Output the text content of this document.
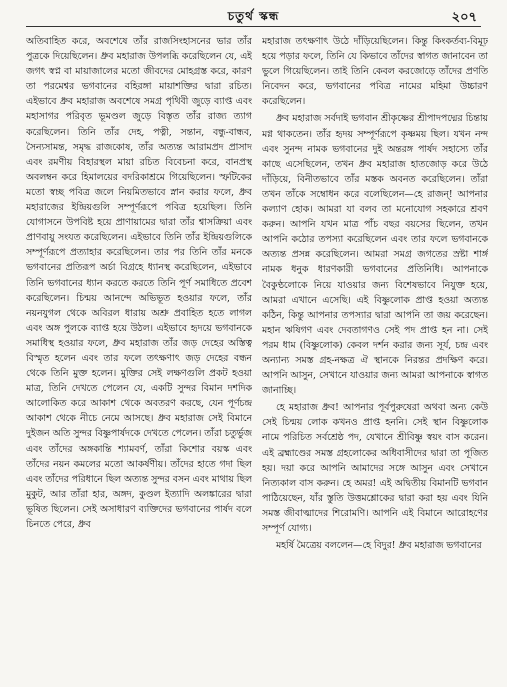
চতুর্থ স্কন্ধ	২০৭

অতিবাহিত করে, অবশেষে তাঁর রাজসিংহাসনের ভার তাঁর পুত্রকে দিয়েছিলেন। ধ্রুব মহারাজ উপলব্ধি করেছিলেন যে, এই জগৎ স্বপ্ন বা মায়াজালের মতো জীবদের মোহগ্রস্ত করে, কারণ তা পরমেশ্বর ভগবানের বহিরঙ্গা মায়াশক্তির দ্বারা রচিত। এইভাবে ধ্রুব মহারাজ অবশেষে সমগ্র পৃথিবী জুড়ে ব্যাপ্ত এবং মহাসাগর পরিবৃত ভূমণ্ডল জুড়ে বিস্তৃত তাঁর রাজ্য ত্যাগ করেছিলেন। তিনি তাঁর দেহ, পত্নী, সন্তান, বন্ধু-বান্ধব, সৈন্যসামন্ত, সমৃদ্ধ রাজকোষ, তাঁর অত্যন্ত আরামপ্রদ প্রাসাদ এবং রমণীয় বিহারস্থল মায়া রচিত বিবেচনা করে, বানপ্রস্থ অবলম্বন করে হিমালয়ের বদরিকাশ্রমে গিয়েছিলেন। স্ফটিকের মতো স্বচ্ছ পবিত্র জলে নিয়মিতভাবে স্নান করার ফলে, ধ্রুব মহারাজের ইন্দ্রিয়গুলি সম্পূর্ণরূপে পবিত্র হয়েছিল। তিনি যোগাসনে উপবিষ্ট হয়ে প্রাণায়ামের দ্বারা তাঁর শ্বাসক্রিয়া এবং প্রাণবায়ু সংযত করেছিলেন। এইভাবে তিনি তাঁর ইন্দ্রিয়গুলিকে সম্পূর্ণরূপে প্রত্যাহার করেছিলেন। তার পর তিনি তাঁর মনকে ভগবানের প্রতিরূপ অর্চা বিগ্রহে ধ্যানস্থ করেছিলেন, এইভাবে তিনি ভগবানের ধ্যান করতে করতে তিনি পূর্ণ সমাধিতে প্রবেশ করেছিলেন। চিন্ময় আনন্দে অভিভূত হওয়ার ফলে, তাঁর নয়নযুগল থেকে অবিরল ধারায় অশ্রু প্রবাহিত হতে লাগল এবং অঙ্গ পুলকে ব্যাপ্ত হয়ে উঠল। এইভাবে হৃদয়ে ভগবানকে সমাধিস্থ হওয়ার ফলে, ধ্রুব মহারাজ তাঁর জড় দেহের অস্তিত্ব বিস্মৃত হলেন এবং তার ফলে তৎক্ষণাৎ জড় দেহের বন্ধন থেকে তিনি মুক্ত হলেন। মুক্তির সেই লক্ষণগুলি প্রকট হওয়া মাত্র, তিনি দেখতে পেলেন যে, একটি সুন্দর বিমান দশদিক আলোকিত করে আকাশ থেকে অবতরণ করছে, যেন পূর্ণচন্দ্র আকাশ থেকে নীচে নেমে আসছে। ধ্রুব মহারাজ সেই বিমানে দুইজন অতি সুন্দর বিষ্ণুপার্ষদকে দেখতে পেলেন। তাঁরা চতুর্ভুজ এবং তাঁদের অঙ্গকান্তি শ্যামবর্ণ, তাঁরা কিশোর বয়স্ক এবং তাঁদের নয়ন কমলের মতো আকর্ষণীয়। তাঁদের হাতে গদা ছিল এবং তাঁদের পরিধানে ছিল অত্যন্ত সুন্দর বসন এবং মাথায় ছিল মুকুট, আর তাঁরা হার, অঙ্গদ, কুণ্ডল ইত্যাদি অলঙ্কারের দ্বারা ভূষিত ছিলেন। সেই অসাধারণ ব্যক্তিদের ভগবানের পার্ষদ বলে চিনতে পেরে, ধ্রুব

মহারাজ তৎক্ষণাৎ উঠে দাঁড়িয়েছিলেন। কিন্তু কিংকর্তব্য-বিমূঢ় হয়ে পড়ার ফলে, তিনি যে কিভাবে তাঁদের স্বাগত জানাবেন তা ভুলে গিয়েছিলেন। তাই তিনি কেবল করজোড়ে তাঁদের প্রণতি নিবেদন করে, ভগবানের পবিত্র নামের মহিমা উচ্চারণ করেছিলেন।

ধ্রুব মহারাজ সর্বদাই ভগবান শ্রীকৃষ্ণের শ্রীপাদপদ্মের চিন্তায় মগ্ন থাকতেন। তাঁর হৃদয় সম্পূর্ণরূপে কৃষ্ণময় ছিল। যখন নন্দ এবং সুনন্দ নামক ভগবানের দুই অন্তরঙ্গ পার্ষদ সহাস্যে তাঁর কাছে এসেছিলেন, তখন ধ্রুব মহারাজ হাতজোড় করে উঠে দাঁড়িয়ে, বিনীতভাবে তাঁর মস্তক অবনত করেছিলেন। তাঁরা তখন তাঁকে সম্বোধন করে বলেছিলেন—হে রাজন্‌! আপনার কল্যাণ হোক। আমরা যা বলব তা মনোযোগ সহকারে শ্রবণ করুন। আপনি যখন মাত্র পাঁচ বছর বয়সের ছিলেন, তখন আপনি কঠোর তপস্যা করেছিলেন এবং তার ফলে ভগবানকে অত্যন্ত প্রসন্ন করেছিলেন। আমরা সমগ্র জগতের স্রষ্টা শার্ঙ্গ নামক ধনুক ধারণকারী ভগবানের প্রতিনিধি। আপনাকে বৈকুণ্ঠলোকে নিয়ে যাওয়ার জন্য বিশেষভাবে নিযুক্ত হয়ে, আমরা এখানে এসেছি। এই বিষ্ণুলোক প্রাপ্ত হওয়া অত্যন্ত কঠিন, কিন্তু আপনার তপস্যার দ্বারা আপনি তা জয় করেছেন। মহান ঋষিগণ এবং দেবতাগণও সেই পদ প্রাপ্ত হন না। সেই পরম ধাম (বিষ্ণুলোক) কেবল দর্শন করার জন্য সূর্য, চন্দ্র এবং অন্যান্য সমস্ত গ্রহ-নক্ষত্র ঐ স্থানকে নিরন্তর প্রদক্ষিণ করে। আপনি আসুন, সেখানে যাওয়ার জন্য আমরা আপনাকে স্বাগত জানাচ্ছি।

হে মহারাজ ধ্রুব! আপনার পূর্বপুরুষেরা অথবা অন্য কেউ সেই চিন্ময় লোক কখনও প্রাপ্ত হননি। সেই স্থান বিষ্ণুলোক নামে পরিচিত সর্বশ্রেষ্ঠ পদ, যেখানে শ্রীবিষ্ণু স্বয়ং বাস করেন। এই ব্রহ্মাণ্ডের সমস্ত গ্রহলোকের অধিবাসীদের দ্বারা তা পূজিত হয়। দয়া করে আপনি আমাদের সঙ্গে আসুন এবং সেখানে নিত্যকাল বাস করুন। হে অমর! এই অদ্বিতীয় বিমানটি ভগবান পাঠিয়েছেন, যাঁর স্তুতি উত্তমশ্লোকের দ্বারা করা হয় এবং যিনি সমস্ত জীবাত্মাদের শিরোমণি। আপনি এই বিমানে আরোহণের সম্পূর্ণ যোগ্য।

মহর্ষি মৈত্রেয় বললেন—হে বিদুর! ধ্রুব মহারাজ ভগবানের
